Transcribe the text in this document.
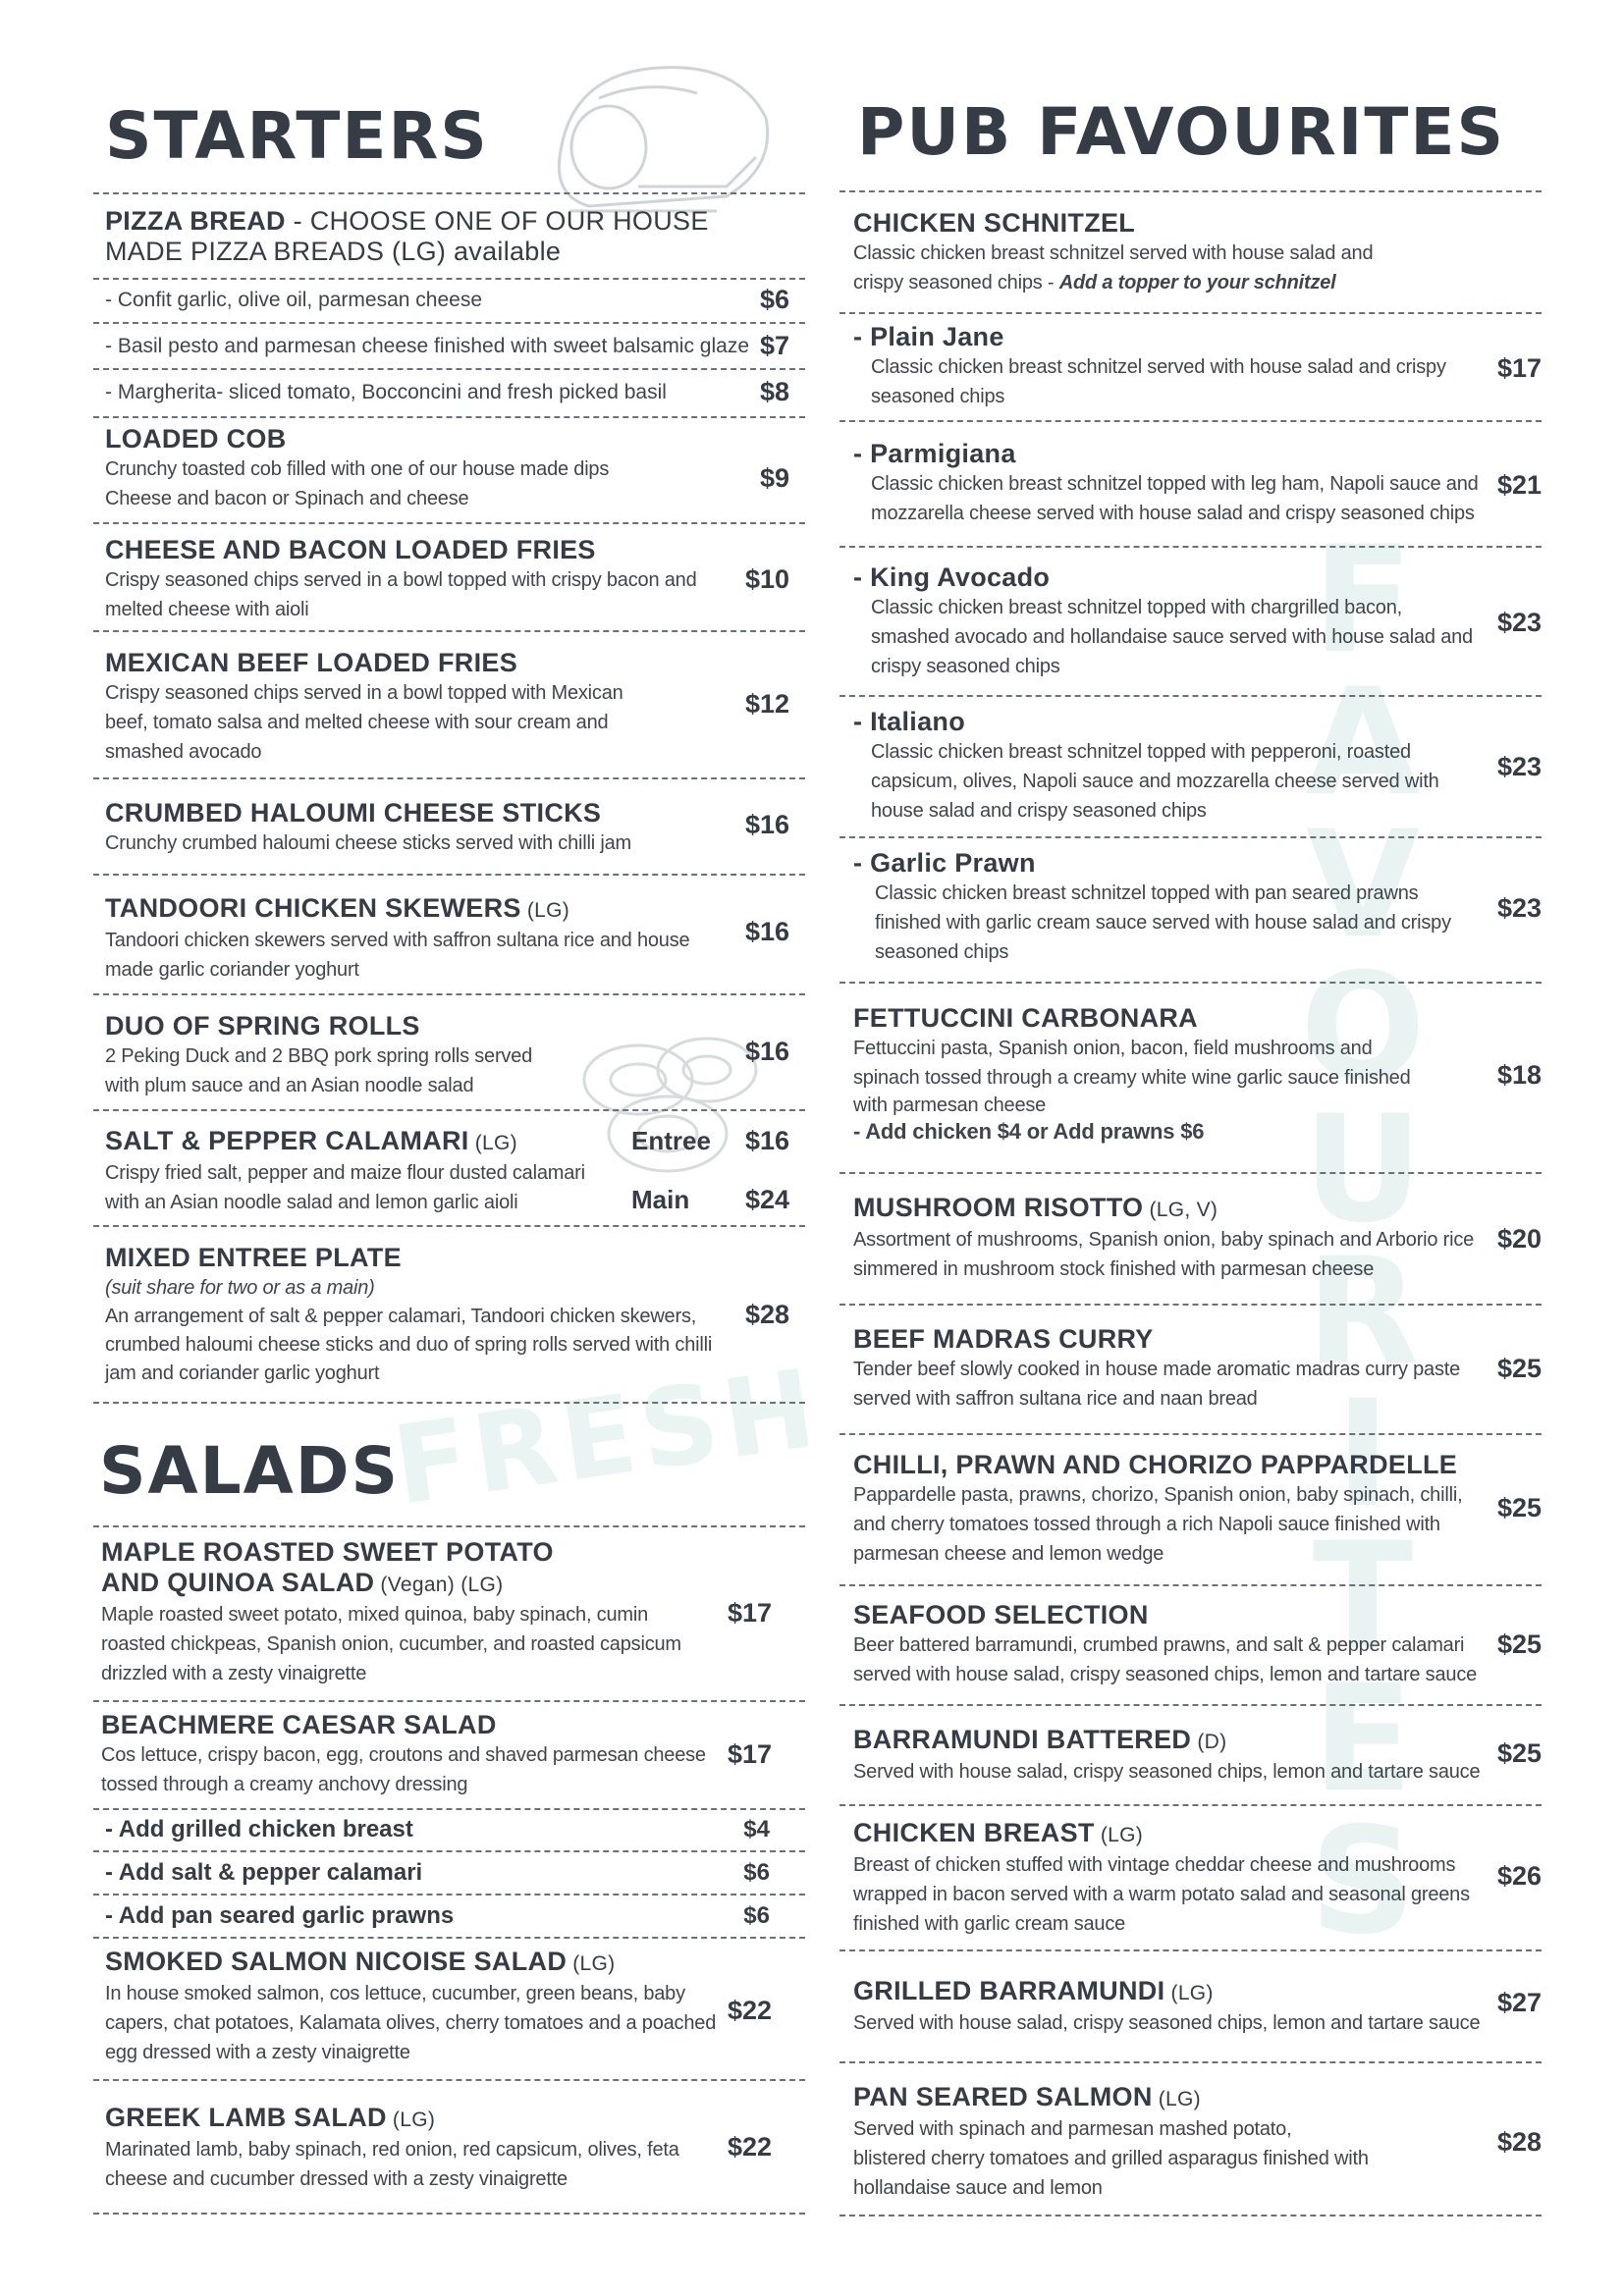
F
A
V
O
U
R
I
T
E
S
FRESH
STARTERS
PIZZA BREAD - CHOOSE ONE OF OUR HOUSE
MADE PIZZA BREADS (LG) available
- Confit garlic, olive oil, parmesan cheese	$6
- Basil pesto and parmesan cheese finished with sweet balsamic glaze $7
- Margherita- sliced tomato, Bocconcini and fresh picked basil	$8
LOADED COB
Crunchy toasted cob filled with one of our house made dips
Cheese and bacon or Spinach and cheese
$9
CHEESE AND BACON LOADED FRIES
Crispy seasoned chips served in a bowl topped with crispy bacon and
melted cheese with aioli
$10
MEXICAN BEEF LOADED FRIES
Crispy seasoned chips served in a bowl topped with Mexican
beef, tomato salsa and melted cheese with sour cream and
smashed avocado
$12
CRUMBED HALOUMI CHEESE STICKS
Crunchy crumbed haloumi cheese sticks served with chilli jam
$16
TANDOORI CHICKEN SKEWERS (LG)
Tandoori chicken skewers served with saffron sultana rice and house
made garlic coriander yoghurt
$16
DUO OF SPRING ROLLS
2 Peking Duck and 2 BBQ pork spring rolls served
with plum sauce and an Asian noodle salad
$16
SALT & PEPPER CALAMARI (LG)
Crispy fried salt, pepper and maize flour dusted calamari
with an Asian noodle salad and lemon garlic aioli
Entree $16
Main $24
MIXED ENTREE PLATE
(suit share for two or as a main)
An arrangement of salt & pepper calamari, Tandoori chicken skewers,
crumbed haloumi cheese sticks and duo of spring rolls served with chilli
jam and coriander garlic yoghurt
$28
SALADS
MAPLE ROASTED SWEET POTATO
AND QUINOA SALAD (Vegan) (LG)
Maple roasted sweet potato, mixed quinoa, baby spinach, cumin
roasted chickpeas, Spanish onion, cucumber, and roasted capsicum
drizzled with a zesty vinaigrette
$17
BEACHMERE CAESAR SALAD
Cos lettuce, crispy bacon, egg, croutons and shaved parmesan cheese
tossed through a creamy anchovy dressing
$17
- Add grilled chicken breast	$4
- Add salt & pepper calamari	$6
- Add pan seared garlic prawns	$6
SMOKED SALMON NICOISE SALAD (LG)
In house smoked salmon, cos lettuce, cucumber, green beans, baby
capers, chat potatoes, Kalamata olives, cherry tomatoes and a poached
egg dressed with a zesty vinaigrette
$22
GREEK LAMB SALAD (LG)
Marinated lamb, baby spinach, red onion, red capsicum, olives, feta
cheese and cucumber dressed with a zesty vinaigrette
$22
PUB FAVOURITES
CHICKEN SCHNITZEL
Classic chicken breast schnitzel served with house salad and
crispy seasoned chips - Add a topper to your schnitzel
- Plain Jane
Classic chicken breast schnitzel served with house salad and crispy
seasoned chips
$17
- Parmigiana
Classic chicken breast schnitzel topped with leg ham, Napoli sauce and
mozzarella cheese served with house salad and crispy seasoned chips
$21
- King Avocado
Classic chicken breast schnitzel topped with chargrilled bacon,
smashed avocado and hollandaise sauce served with house salad and
crispy seasoned chips
$23
- Italiano
Classic chicken breast schnitzel topped with pepperoni, roasted
capsicum, olives, Napoli sauce and mozzarella cheese served with
house salad and crispy seasoned chips
$23
- Garlic Prawn
Classic chicken breast schnitzel topped with pan seared prawns
finished with garlic cream sauce served with house salad and crispy
seasoned chips
$23
FETTUCCINI CARBONARA
Fettuccini pasta, Spanish onion, bacon, field mushrooms and
spinach tossed through a creamy white wine garlic sauce finished
with parmesan cheese
- Add chicken $4 or Add prawns $6
$18
MUSHROOM RISOTTO (LG, V)
Assortment of mushrooms, Spanish onion, baby spinach and Arborio rice
simmered in mushroom stock finished with parmesan cheese
$20
BEEF MADRAS CURRY
Tender beef slowly cooked in house made aromatic madras curry paste
served with saffron sultana rice and naan bread
$25
CHILLI, PRAWN AND CHORIZO PAPPARDELLE
Pappardelle pasta, prawns, chorizo, Spanish onion, baby spinach, chilli,
and cherry tomatoes tossed through a rich Napoli sauce finished with
parmesan cheese and lemon wedge
$25
SEAFOOD SELECTION
Beer battered barramundi, crumbed prawns, and salt & pepper calamari
served with house salad, crispy seasoned chips, lemon and tartare sauce
$25
BARRAMUNDI BATTERED (D)
Served with house salad, crispy seasoned chips, lemon and tartare sauce
$25
CHICKEN BREAST (LG)
Breast of chicken stuffed with vintage cheddar cheese and mushrooms
wrapped in bacon served with a warm potato salad and seasonal greens
finished with garlic cream sauce
$26
GRILLED BARRAMUNDI (LG)
Served with house salad, crispy seasoned chips, lemon and tartare sauce
$27
PAN SEARED SALMON (LG)
Served with spinach and parmesan mashed potato,
blistered cherry tomatoes and grilled asparagus finished with
hollandaise sauce and lemon
$28
